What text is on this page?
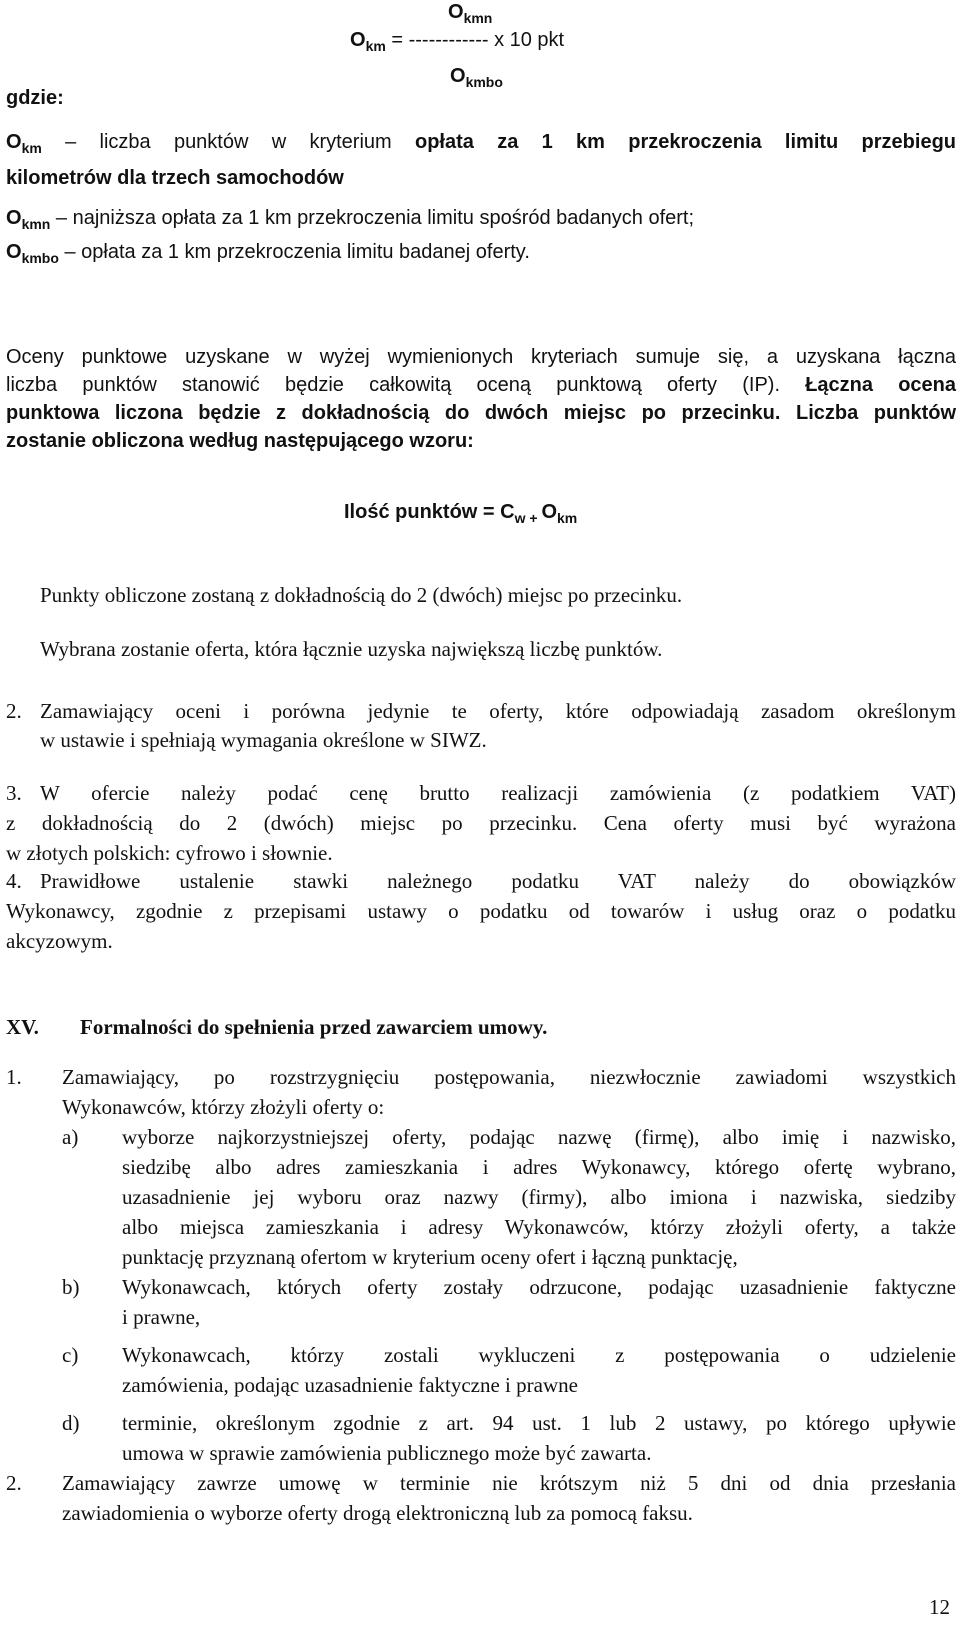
$O_{kmn}$
$O_{km}$ = ------------ x 10 pkt
$O_{kmbo}$
gdzie:
$O_{km}$ – liczba punktów w kryterium opłata za 1 km przekroczenia limitu przebiegu
kilometrów dla trzech samochodów
$O_{kmn}$ – najniższa opłata za 1 km przekroczenia limitu spośród badanych ofert;
$O_{kmbo}$ – opłata za 1 km przekroczenia limitu badanej oferty.
Oceny punktowe uzyskane w wyżej wymienionych kryteriach sumuje się, a uzyskana łączna
liczba punktów stanowić będzie całkowitą oceną punktową oferty (IP). Łączna ocena
punktowa liczona będzie z dokładnością do dwóch miejsc po przecinku. Liczba punktów
zostanie obliczona według następującego wzoru:
Ilość punktów = $C_{w +}$ $O_{km}$
Punkty obliczone zostaną z dokładnością do 2 (dwóch) miejsc po przecinku.
Wybrana zostanie oferta, która łącznie uzyska największą liczbę punktów.
2. Zamawiający oceni i porówna jedynie te oferty, które odpowiadają zasadom określonym
w ustawie i spełniają wymagania określone w SIWZ.
3. W ofercie należy podać cenę brutto realizacji zamówienia (z podatkiem VAT)
z dokładnością do 2 (dwóch) miejsc po przecinku. Cena oferty musi być wyrażona
w złotych polskich: cyfrowo i słownie.
4. Prawidłowe ustalenie stawki należnego podatku VAT należy do obowiązków
Wykonawcy, zgodnie z przepisami ustawy o podatku od towarów i usług oraz o podatku
akcyzowym.
XV. Formalności do spełnienia przed zawarciem umowy.
1. Zamawiający, po rozstrzygnięciu postępowania, niezwłocznie zawiadomi wszystkich
Wykonawców, którzy złożyli oferty o:
a) wyborze najkorzystniejszej oferty, podając nazwę (firmę), albo imię i nazwisko,
siedzibę albo adres zamieszkania i adres Wykonawcy, którego ofertę wybrano,
uzasadnienie jej wyboru oraz nazwy (firmy), albo imiona i nazwiska, siedziby
albo miejsca zamieszkania i adresy Wykonawców, którzy złożyli oferty, a także
punktację przyznaną ofertom w kryterium oceny ofert i łączną punktację,
b) Wykonawcach, których oferty zostały odrzucone, podając uzasadnienie faktyczne
i prawne,
c) Wykonawcach, którzy zostali wykluczeni z postępowania o udzielenie
zamówienia, podając uzasadnienie faktyczne i prawne
d) terminie, określonym zgodnie z art. 94 ust. 1 lub 2 ustawy, po którego upływie
umowa w sprawie zamówienia publicznego może być zawarta.
2. Zamawiający zawrze umowę w terminie nie krótszym niż 5 dni od dnia przesłania
zawiadomienia o wyborze oferty drogą elektroniczną lub za pomocą faksu.
12
